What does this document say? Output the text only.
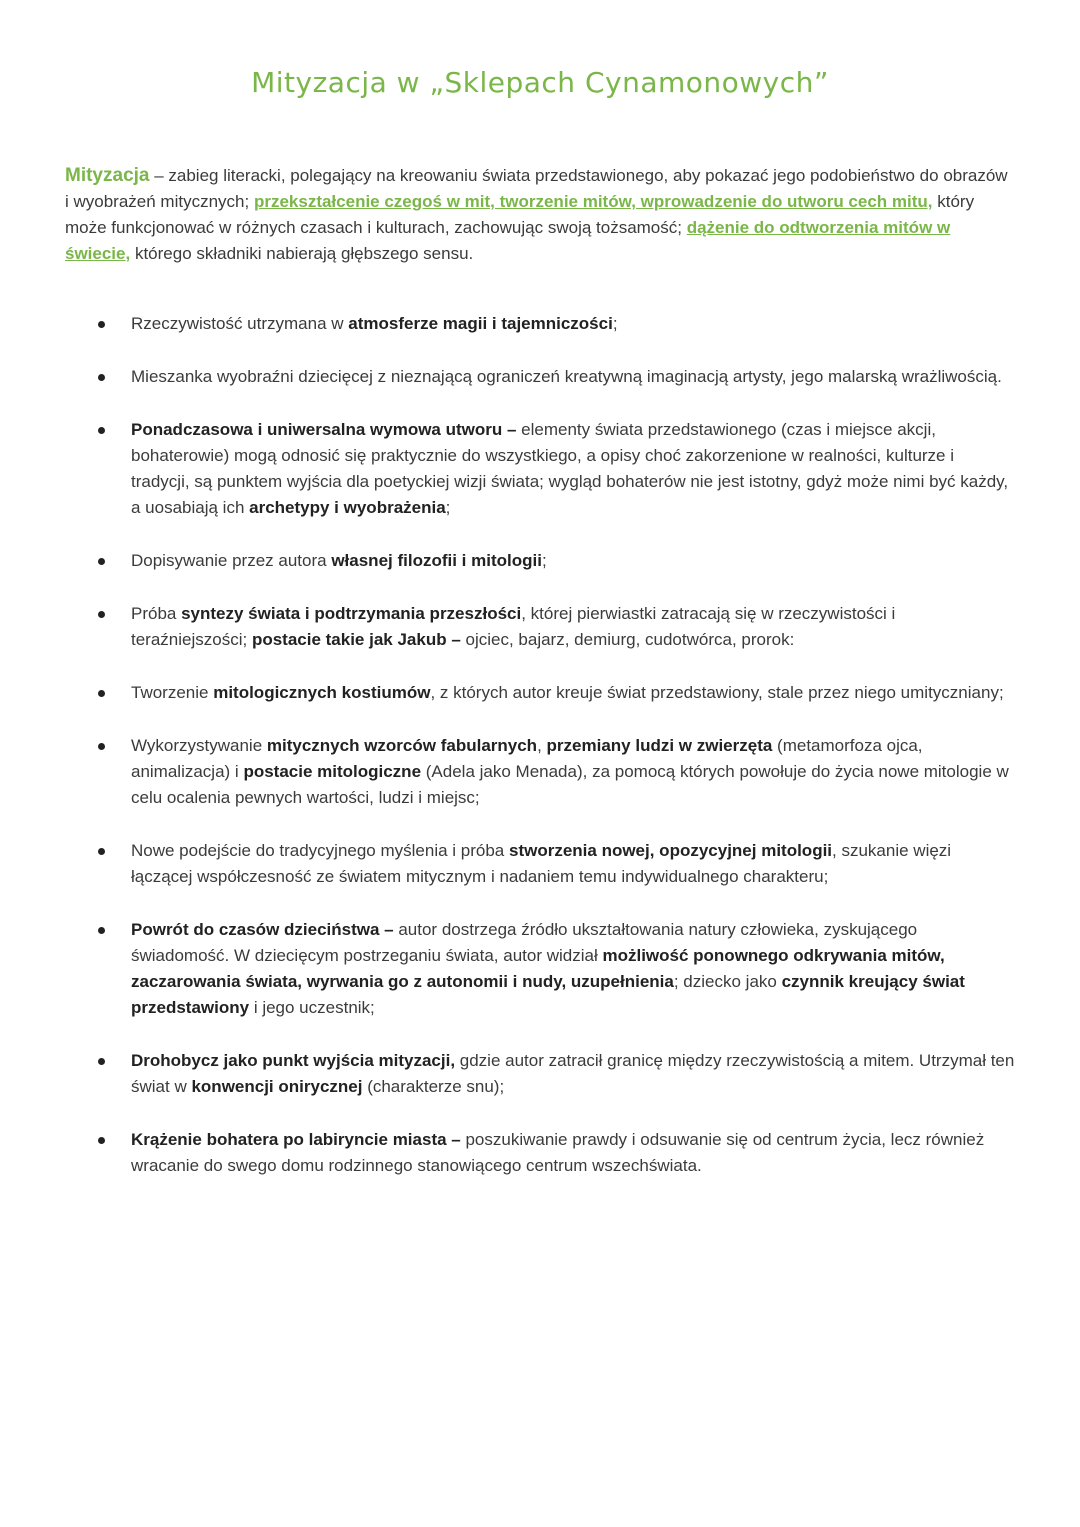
Mityzacja w „Sklepach Cynamonowych”

Mityzacja – zabieg literacki, polegający na kreowaniu świata przedstawionego, aby pokazać jego podobieństwo do obrazów i wyobrażeń mitycznych; przekształcenie czegoś w mit, tworzenie mitów, wprowadzenie do utworu cech mitu, który może funkcjonować w różnych czasach i kulturach, zachowując swoją tożsamość; dążenie do odtworzenia mitów w świecie, którego składniki nabierają głębszego sensu.

Rzeczywistość utrzymana w atmosferze magii i tajemniczości;
Mieszanka wyobraźni dziecięcej z nieznającą ograniczeń kreatywną imaginacją artysty, jego malarską wrażliwością.
Ponadczasowa i uniwersalna wymowa utworu – elementy świata przedstawionego (czas i miejsce akcji, bohaterowie) mogą odnosić się praktycznie do wszystkiego, a opisy choć zakorzenione w realności, kulturze i tradycji, są punktem wyjścia dla poetyckiej wizji świata; wygląd bohaterów nie jest istotny, gdyż może nimi być każdy, a uosabiają ich archetypy i wyobrażenia;
Dopisywanie przez autora własnej filozofii i mitologii;
Próba syntezy świata i podtrzymania przeszłości, której pierwiastki zatracają się w rzeczywistości i teraźniejszości; postacie takie jak Jakub – ojciec, bajarz, demiurg, cudotwórca, prorok:
Tworzenie mitologicznych kostiumów, z których autor kreuje świat przedstawiony, stale przez niego umityczniany;
Wykorzystywanie mitycznych wzorców fabularnych, przemiany ludzi w zwierzęta (metamorfoza ojca, animalizacja) i postacie mitologiczne (Adela jako Menada), za pomocą których powołuje do życia nowe mitologie w celu ocalenia pewnych wartości, ludzi i miejsc;
Nowe podejście do tradycyjnego myślenia i próba stworzenia nowej, opozycyjnej mitologii, szukanie więzi łączącej współczesność ze światem mitycznym i nadaniem temu indywidualnego charakteru;
Powrót do czasów dzieciństwa – autor dostrzega źródło ukształtowania natury człowieka, zyskującego świadomość. W dziecięcym postrzeganiu świata, autor widział możliwość ponownego odkrywania mitów, zaczarowania świata, wyrwania go z autonomii i nudy, uzupełnienia; dziecko jako czynnik kreujący świat przedstawiony i jego uczestnik;
Drohobycz jako punkt wyjścia mityzacji, gdzie autor zatracił granicę między rzeczywistością a mitem. Utrzymał ten świat w konwencji onirycznej (charakterze snu);
Krążenie bohatera po labiryncie miasta – poszukiwanie prawdy i odsuwanie się od centrum życia, lecz również wracanie do swego domu rodzinnego stanowiącego centrum wszechświata.
